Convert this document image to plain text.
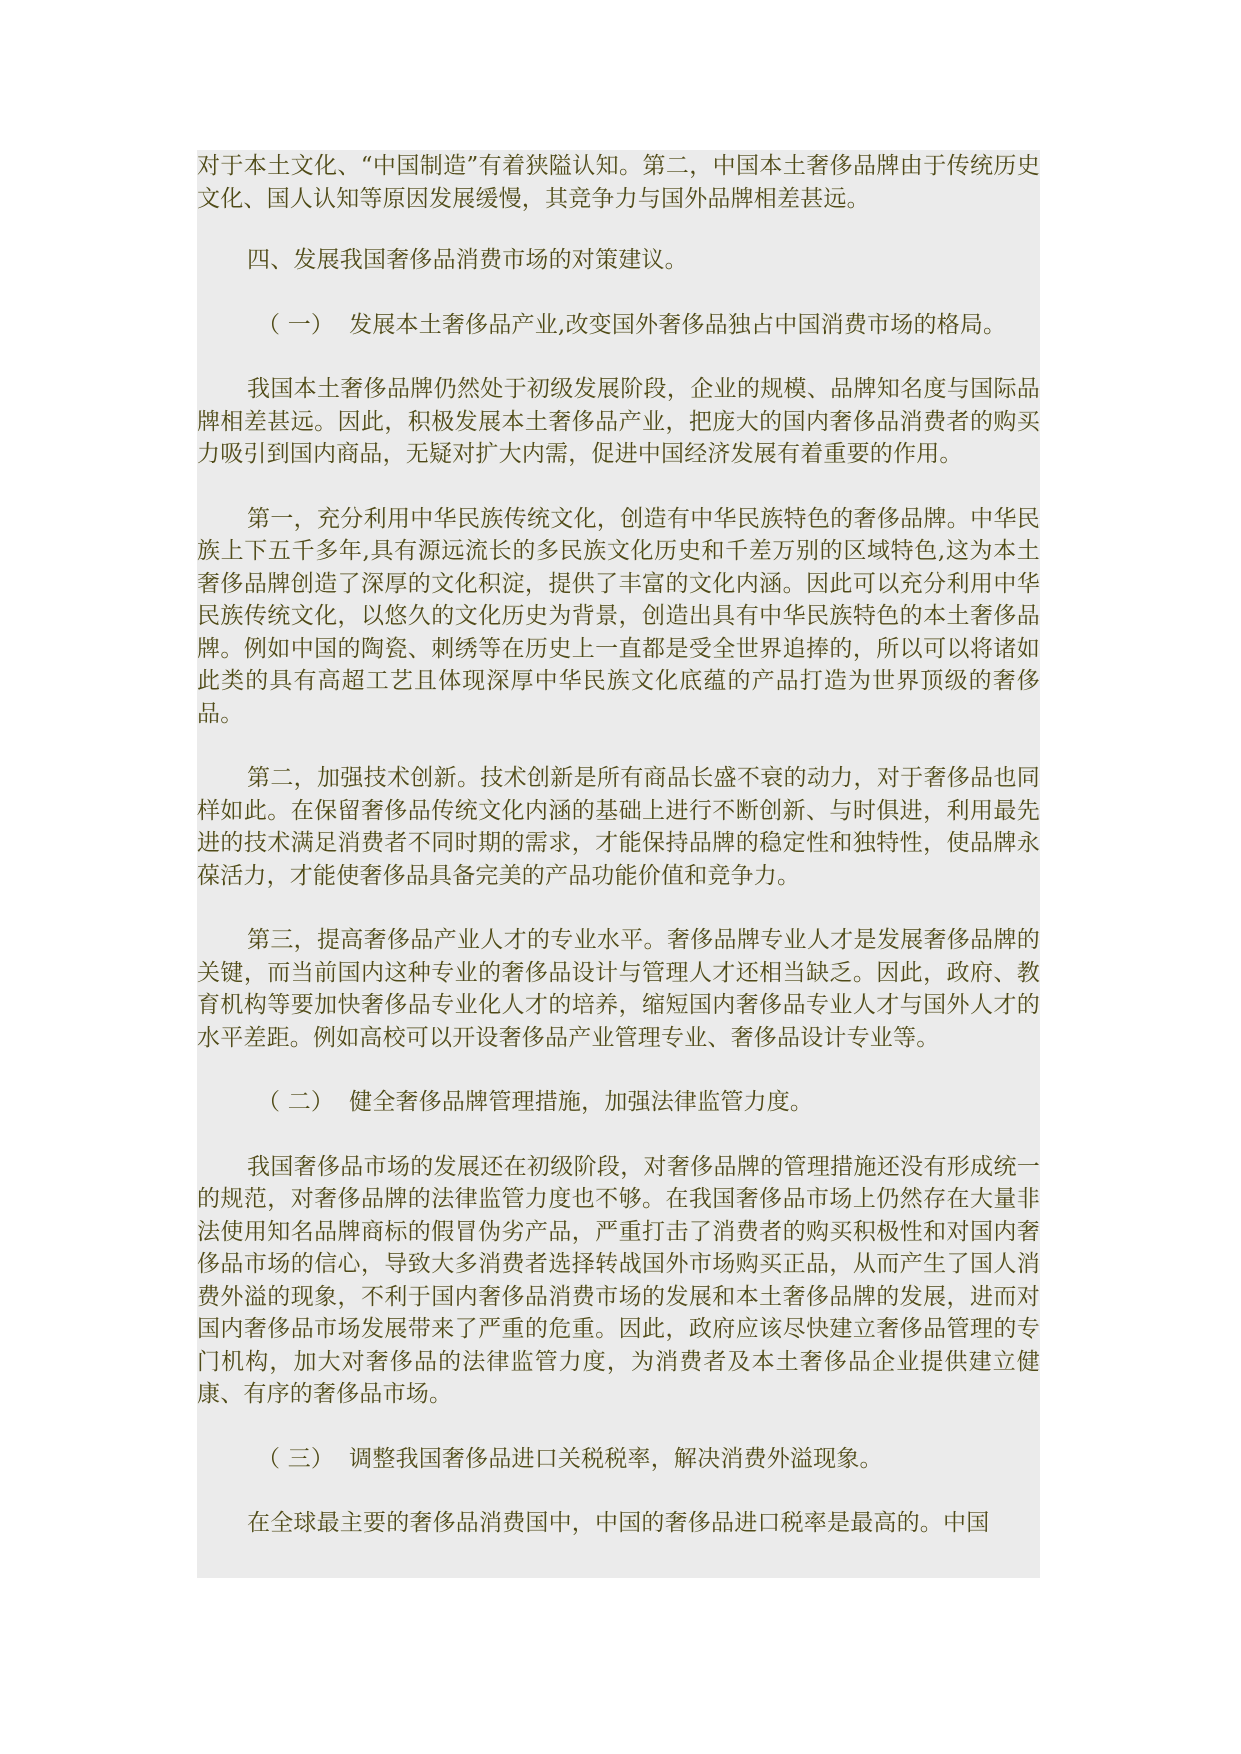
对于本土文化、“中国制造”有着狭隘认知。第二，中国本土奢侈品牌由于传统历史文化、国人认知等原因发展缓慢，其竞争力与国外品牌相差甚远。

四、发展我国奢侈品消费市场的对策建议。

（ 一）  发展本土奢侈品产业,改变国外奢侈品独占中国消费市场的格局。

我国本土奢侈品牌仍然处于初级发展阶段，企业的规模、品牌知名度与国际品牌相差甚远。因此，积极发展本土奢侈品产业，把庞大的国内奢侈品消费者的购买力吸引到国内商品，无疑对扩大内需，促进中国经济发展有着重要的作用。

第一，充分利用中华民族传统文化，创造有中华民族特色的奢侈品牌。中华民族上下五千多年,具有源远流长的多民族文化历史和千差万别的区域特色,这为本土奢侈品牌创造了深厚的文化积淀，提供了丰富的文化内涵。因此可以充分利用中华民族传统文化，以悠久的文化历史为背景，创造出具有中华民族特色的本土奢侈品牌。例如中国的陶瓷、刺绣等在历史上一直都是受全世界追捧的，所以可以将诸如此类的具有高超工艺且体现深厚中华民族文化底蕴的产品打造为世界顶级的奢侈品。

第二，加强技术创新。技术创新是所有商品长盛不衰的动力，对于奢侈品也同样如此。在保留奢侈品传统文化内涵的基础上进行不断创新、与时俱进，利用最先进的技术满足消费者不同时期的需求，才能保持品牌的稳定性和独特性，使品牌永葆活力，才能使奢侈品具备完美的产品功能价值和竞争力。

第三，提高奢侈品产业人才的专业水平。奢侈品牌专业人才是发展奢侈品牌的关键，而当前国内这种专业的奢侈品设计与管理人才还相当缺乏。因此，政府、教育机构等要加快奢侈品专业化人才的培养，缩短国内奢侈品专业人才与国外人才的水平差距。例如高校可以开设奢侈品产业管理专业、奢侈品设计专业等。

（ 二）  健全奢侈品牌管理措施，加强法律监管力度。

我国奢侈品市场的发展还在初级阶段，对奢侈品牌的管理措施还没有形成统一的规范，对奢侈品牌的法律监管力度也不够。在我国奢侈品市场上仍然存在大量非法使用知名品牌商标的假冒伪劣产品，严重打击了消费者的购买积极性和对国内奢侈品市场的信心，导致大多消费者选择转战国外市场购买正品，从而产生了国人消费外溢的现象，不利于国内奢侈品消费市场的发展和本土奢侈品牌的发展，进而对国内奢侈品市场发展带来了严重的危重。因此，政府应该尽快建立奢侈品管理的专门机构，加大对奢侈品的法律监管力度，为消费者及本土奢侈品企业提供建立健康、有序的奢侈品市场。

（ 三）  调整我国奢侈品进口关税税率，解决消费外溢现象。

在全球最主要的奢侈品消费国中，中国的奢侈品进口税率是最高的。中国
